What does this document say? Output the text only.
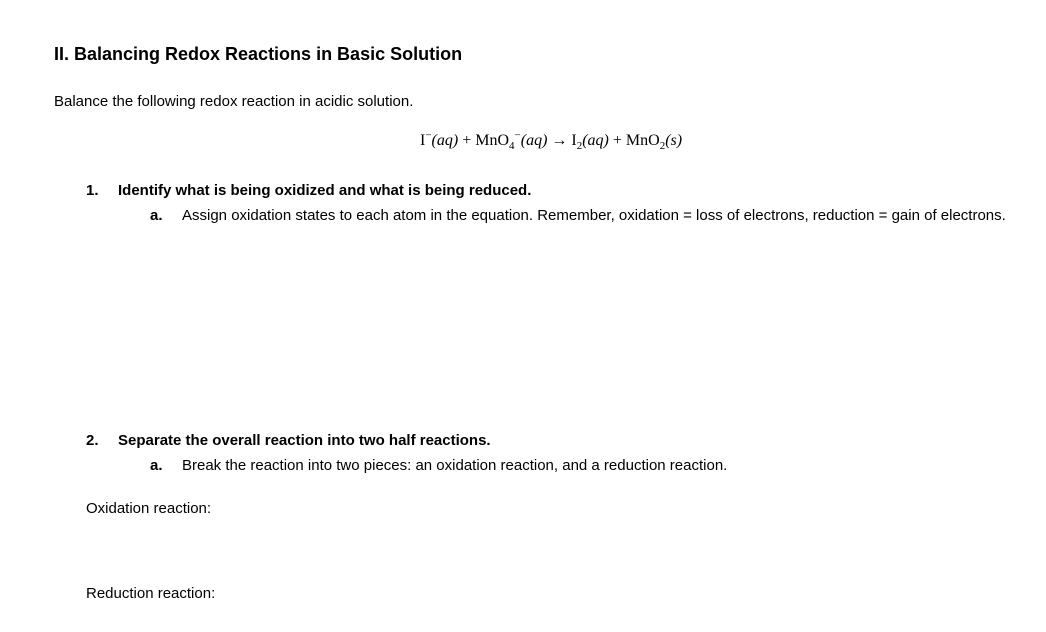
II. Balancing Redox Reactions in Basic Solution
Balance the following redox reaction in acidic solution.
$I^-(aq) + MnO_4^-(aq) \to I_2(aq) + MnO_2(s)$
1. Identify what is being oxidized and what is being reduced.
a. Assign oxidation states to each atom in the equation. Remember, oxidation = loss of electrons, reduction = gain of electrons.
2. Separate the overall reaction into two half reactions.
a. Break the reaction into two pieces: an oxidation reaction, and a reduction reaction.
Oxidation reaction:
Reduction reaction:
